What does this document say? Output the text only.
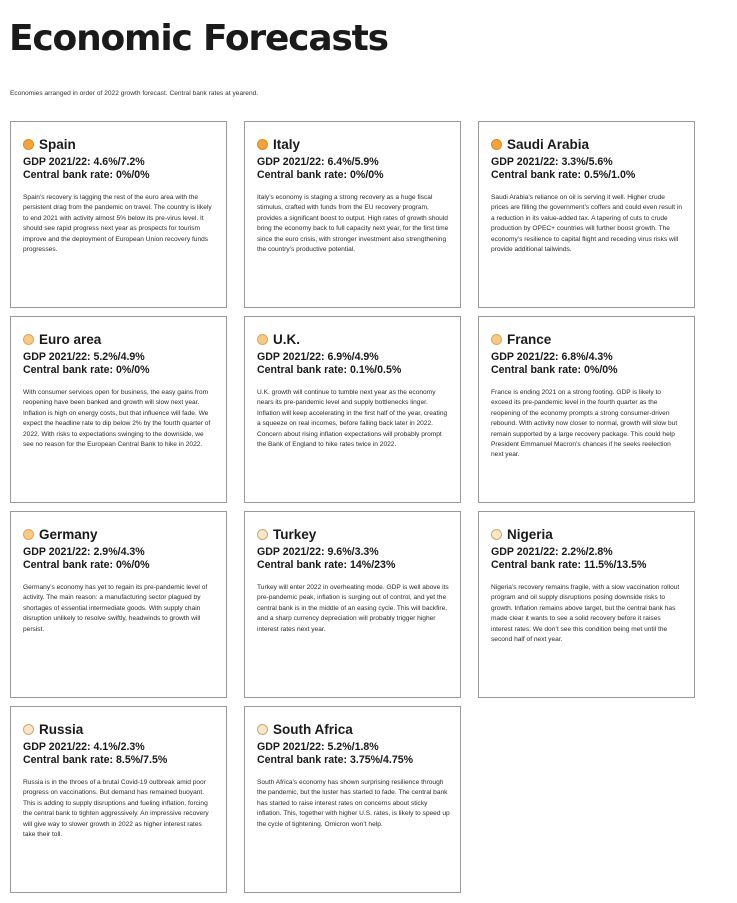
Economic Forecasts

Economies arranged in order of 2022 growth forecast. Central bank rates at yearend.

Spain
GDP 2021/22: 4.6%/7.2%
Central bank rate: 0%/0%
Spain’s recovery is lagging the rest of the euro area with the persistent drag from the pandemic on travel. The country is likely to end 2021 with activity almost 5% below its pre-virus level. It should see rapid progress next year as prospects for tourism improve and the deployment of European Union recovery funds progresses.
Italy
GDP 2021/22: 6.4%/5.9%
Central bank rate: 0%/0%
Italy’s economy is staging a strong recovery as a huge fiscal stimulus, crafted with funds from the EU recovery program, provides a significant boost to output. High rates of growth should bring the economy back to full capacity next year, for the first time since the euro crisis, with stronger investment also strengthening the country’s productive potential.
Saudi Arabia
GDP 2021/22: 3.3%/5.6%
Central bank rate: 0.5%/1.0%
Saudi Arabia’s reliance on oil is serving it well. Higher crude prices are filling the government’s coffers and could even result in a reduction in its value-added tax. A tapering of cuts to crude production by OPEC+ countries will further boost growth. The economy’s resilience to capital flight and receding virus risks will provide additional tailwinds.
Euro area
GDP 2021/22: 5.2%/4.9%
Central bank rate: 0%/0%
With consumer services open for business, the easy gains from reopening have been banked and growth will slow next year. Inflation is high on energy costs, but that influence will fade. We expect the headline rate to dip below 2% by the fourth quarter of 2022. With risks to expectations swinging to the downside, we see no reason for the European Central Bank to hike in 2022.
U.K.
GDP 2021/22: 6.9%/4.9%
Central bank rate: 0.1%/0.5%
U.K. growth will continue to tumble next year as the economy nears its pre-pandemic level and supply bottlenecks linger. Inflation will keep accelerating in the first half of the year, creating a squeeze on real incomes, before falling back later in 2022. Concern about rising inflation expectations will probably prompt the Bank of England to hike rates twice in 2022.
France
GDP 2021/22: 6.8%/4.3%
Central bank rate: 0%/0%
France is ending 2021 on a strong footing. GDP is likely to exceed its pre-pandemic level in the fourth quarter as the reopening of the economy prompts a strong consumer-driven rebound. With activity now closer to normal, growth will slow but remain supported by a large recovery package. This could help President Emmanuel Macron’s chances if he seeks reelection next year.
Germany
GDP 2021/22: 2.9%/4.3%
Central bank rate: 0%/0%
Germany’s economy has yet to regain its pre-pandemic level of activity. The main reason: a manufacturing sector plagued by shortages of essential intermediate goods. With supply chain disruption unlikely to resolve swiftly, headwinds to growth will persist.
Turkey
GDP 2021/22: 9.6%/3.3%
Central bank rate: 14%/23%
Turkey will enter 2022 in overheating mode. GDP is well above its pre-pandemic peak, inflation is surging out of control, and yet the central bank is in the middle of an easing cycle. This will backfire, and a sharp currency depreciation will probably trigger higher interest rates next year.
Nigeria
GDP 2021/22: 2.2%/2.8%
Central bank rate: 11.5%/13.5%
Nigeria’s recovery remains fragile, with a slow vaccination rollout program and oil supply disruptions posing downside risks to growth. Inflation remains above target, but the central bank has made clear it wants to see a solid recovery before it raises interest rates. We don’t see this condition being met until the second half of next year.
Russia
GDP 2021/22: 4.1%/2.3%
Central bank rate: 8.5%/7.5%
Russia is in the throes of a brutal Covid-19 outbreak amid poor progress on vaccinations. But demand has remained buoyant. This is adding to supply disruptions and fueling inflation, forcing the central bank to tighten aggressively. An impressive recovery will give way to slower growth in 2022 as higher interest rates take their toll.
South Africa
GDP 2021/22: 5.2%/1.8%
Central bank rate: 3.75%/4.75%
South Africa’s economy has shown surprising resilience through the pandemic, but the luster has started to fade. The central bank has started to raise interest rates on concerns about sticky inflation. This, together with higher U.S. rates, is likely to speed up the cycle of tightening. Omicron won’t help.
